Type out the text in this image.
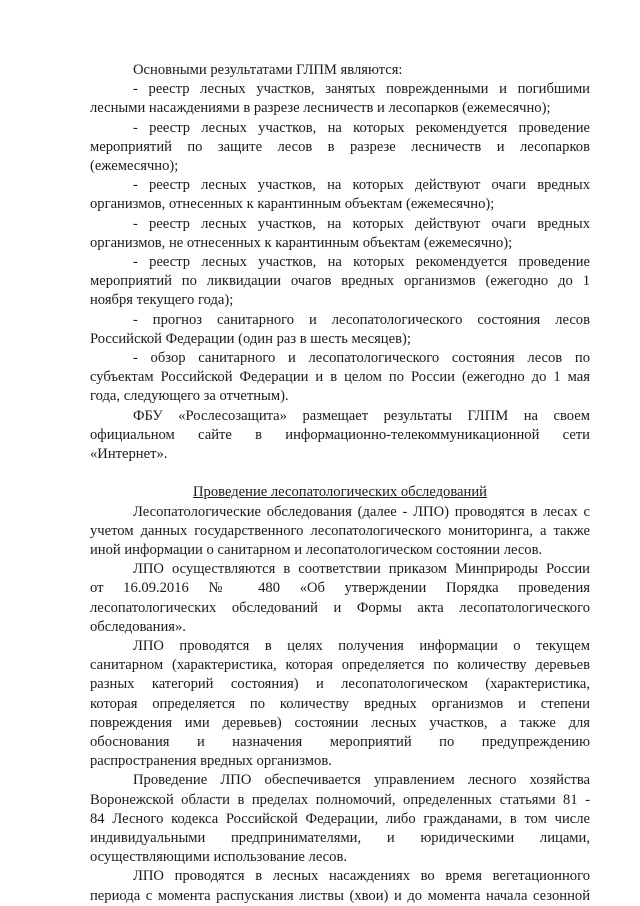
Основными результатами ГЛПМ являются:
- реестр лесных участков, занятых поврежденными и погибшими
лесными насаждениями в разрезе лесничеств и лесопарков (ежемесячно);
- реестр лесных участков, на которых рекомендуется проведение
мероприятий по защите лесов в разрезе лесничеств и лесопарков
(ежемесячно);
- реестр лесных участков, на которых действуют очаги вредных
организмов, отнесенных к карантинным объектам (ежемесячно);
- реестр лесных участков, на которых действуют очаги вредных
организмов, не отнесенных к карантинным объектам (ежемесячно);
- реестр лесных участков, на которых рекомендуется проведение
мероприятий по ликвидации очагов вредных организмов (ежегодно до 1
ноября текущего года);
- прогноз санитарного и лесопатологического состояния лесов
Российской Федерации (один раз в шесть месяцев);
- обзор санитарного и лесопатологического состояния лесов по
субъектам Российской Федерации и в целом по России (ежегодно до 1 мая
года, следующего за отчетным).
ФБУ «Рослесозащита» размещает результаты ГЛПМ на своем
официальном сайте в информационно-телекоммуникационной сети
«Интернет».
Проведение лесопатологических обследований
Лесопатологические обследования (далее - ЛПО) проводятся в лесах с
учетом данных государственного лесопатологического мониторинга, а также
иной информации о санитарном и лесопатологическом состоянии лесов.
ЛПО осуществляются в соответствии приказом Минприроды России
от 16.09.2016 № 480 «Об утверждении Порядка проведения
лесопатологических обследований и Формы акта лесопатологического
обследования».
ЛПО проводятся в целях получения информации о текущем
санитарном (характеристика, которая определяется по количеству деревьев
разных категорий состояния) и лесопатологическом (характеристика,
которая определяется по количеству вредных организмов и степени
повреждения ими деревьев) состоянии лесных участков, а также для
обоснования и назначения мероприятий по предупреждению
распространения вредных организмов.
Проведение ЛПО обеспечивается управлением лесного хозяйства
Воронежской области в пределах полномочий, определенных статьями 81 -
84 Лесного кодекса Российской Федерации, либо гражданами, в том числе
индивидуальными предпринимателями, и юридическими лицами,
осуществляющими использование лесов.
ЛПО проводятся в лесных насаждениях во время вегетационного
периода с момента распускания листвы (хвои) и до момента начала сезонной
